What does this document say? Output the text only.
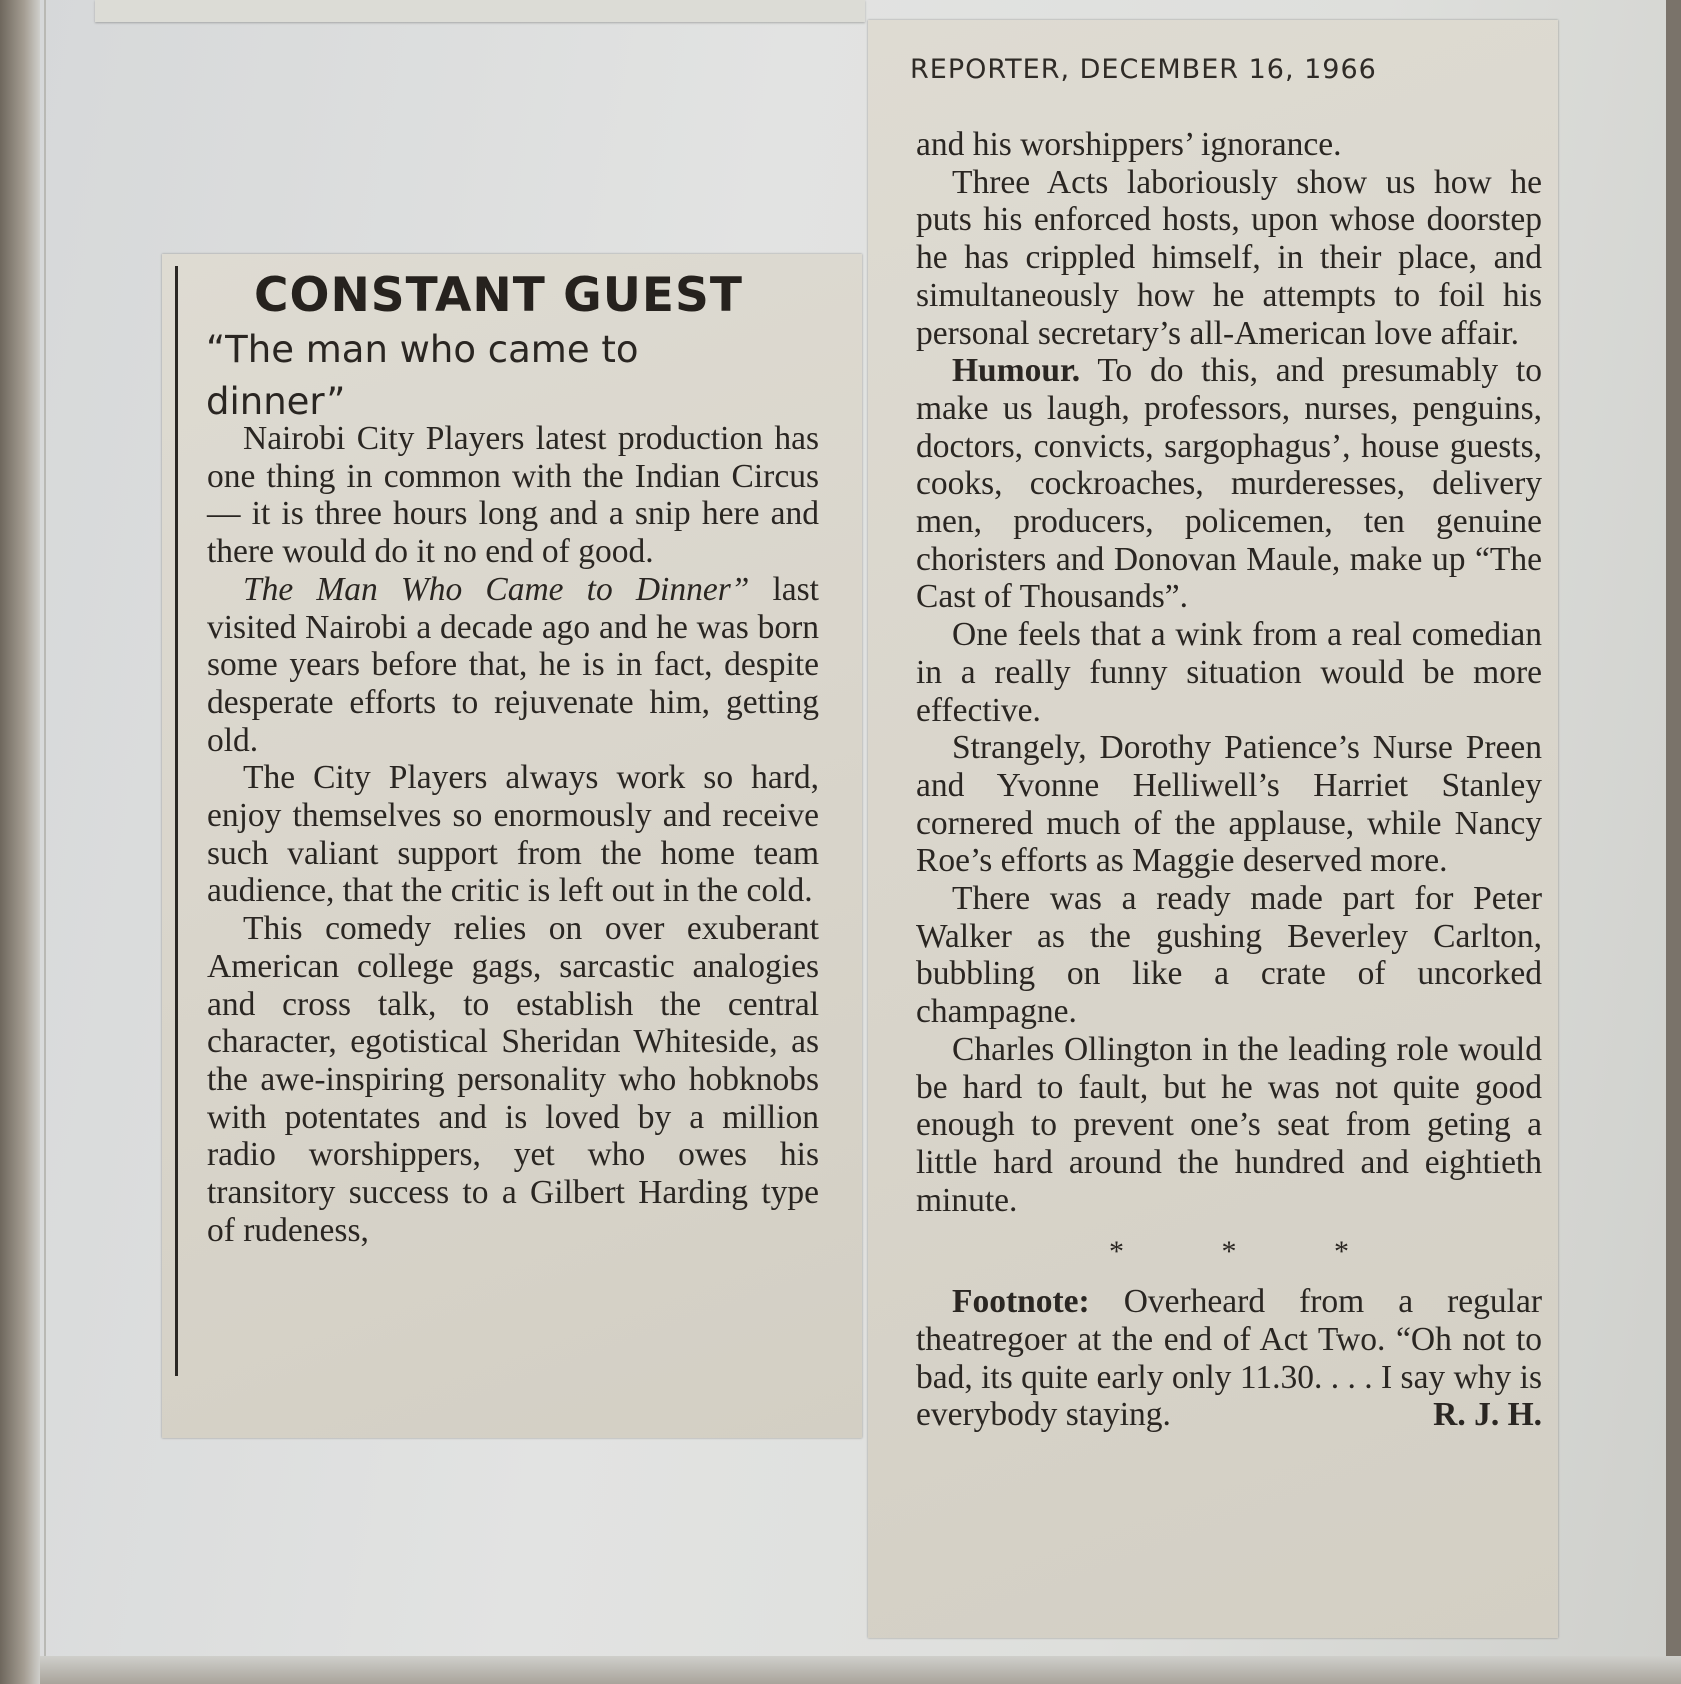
CONSTANT GUEST
“The man who came to dinner”

Nairobi City Players latest production has one thing in common with the Indian Circus — it is three hours long and a snip here and there would do it no end of good.

The Man Who Came to Dinner” last visited Nairobi a decade ago and he was born some years before that, he is in fact, despite desperate efforts to rejuvenate him, getting old.

The City Players always work so hard, enjoy themselves so enormously and receive such valiant support from the home team audience, that the critic is left out in the cold.

This comedy relies on over exuberant American college gags, sarcastic analogies and cross talk, to establish the central character, egotistical Sheridan Whiteside, as the awe-inspiring personality who hobknobs with potentates and is loved by a million radio worshippers, yet who owes his transitory success to a Gilbert Harding type of rudeness,

REPORTER, DECEMBER 16, 1966

and his worshippers’ ignorance.

Three Acts laboriously show us how he puts his enforced hosts, upon whose doorstep he has crippled himself, in their place, and simultaneously how he attempts to foil his personal secretary’s all-American love affair.

Humour. To do this, and presumably to make us laugh, professors, nurses, penguins, doctors, convicts, sargophagus’, house guests, cooks, cockroaches, murderesses, delivery men, producers, policemen, ten genuine choristers and Donovan Maule, make up “The Cast of Thousands”.

One feels that a wink from a real comedian in a really funny situation would be more effective.

Strangely, Dorothy Patience’s Nurse Preen and Yvonne Helliwell’s Harriet Stanley cornered much of the applause, while Nancy Roe’s efforts as Maggie deserved more.

There was a ready made part for Peter Walker as the gushing Beverley Carlton, bubbling on like a crate of uncorked champagne.

Charles Ollington in the leading role would be hard to fault, but he was not quite good enough to prevent one’s seat from geting a little hard around the hundred and eightieth minute.

* * *

Footnote: Overheard from a regular theatregoer at the end of Act Two. “Oh not to bad, its quite early only 11.30. . . . I say why is everybody staying.	R. J. H.
